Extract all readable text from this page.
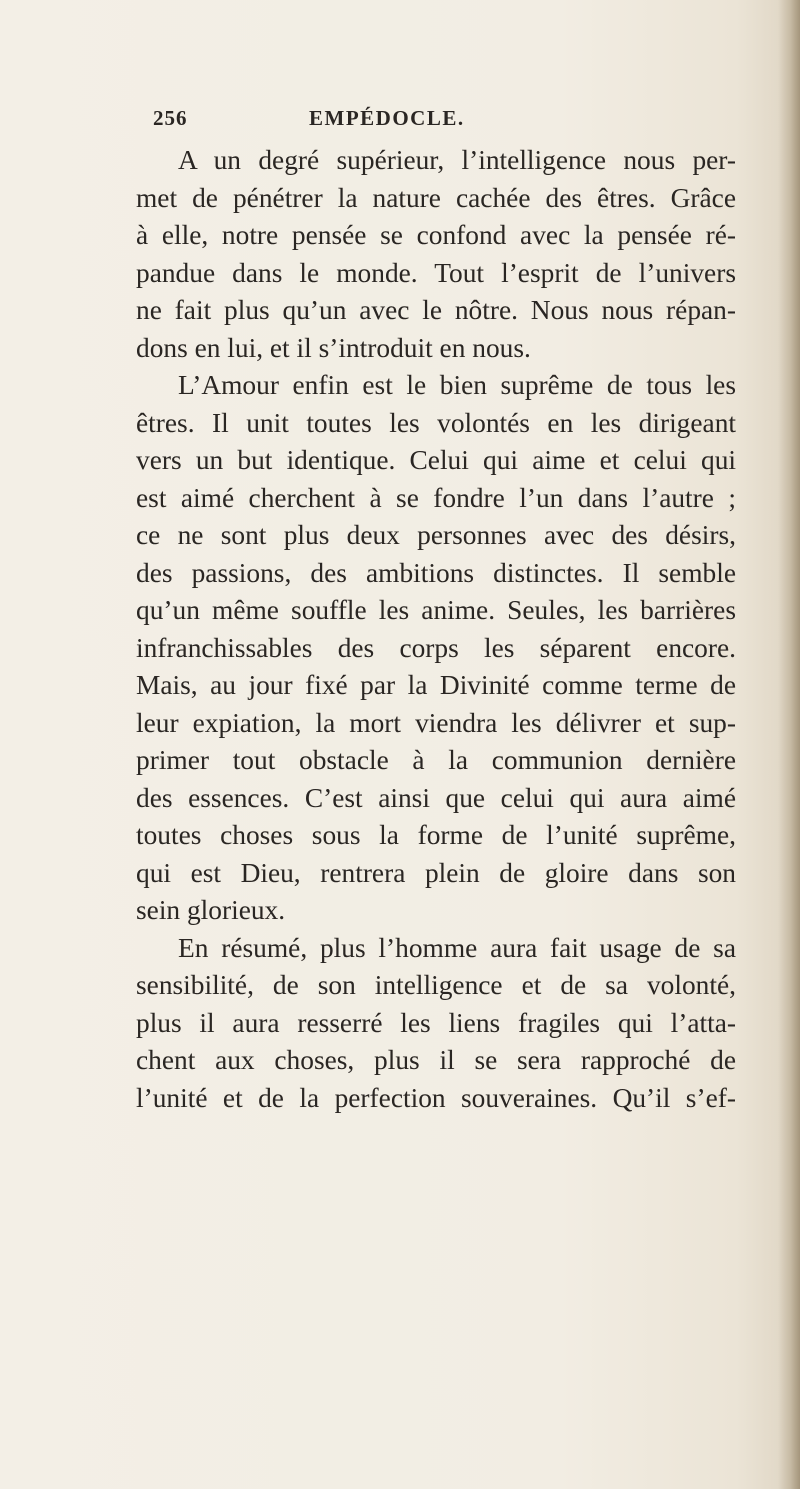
256	EMPÉDOCLE.
A un degré supérieur, l’intelligence nous per-
met de pénétrer la nature cachée des êtres. Grâce
à elle, notre pensée se confond avec la pensée ré-
pandue dans le monde. Tout l’esprit de l’univers
ne fait plus qu’un avec le nôtre. Nous nous répan-
dons en lui, et il s’introduit en nous.
L’Amour enfin est le bien suprême de tous les
êtres. Il unit toutes les volontés en les dirigeant
vers un but identique. Celui qui aime et celui qui
est aimé cherchent à se fondre l’un dans l’autre ;
ce ne sont plus deux personnes avec des désirs,
des passions, des ambitions distinctes. Il semble
qu’un même souffle les anime. Seules, les barrières
infranchissables des corps les séparent encore.
Mais, au jour fixé par la Divinité comme terme de
leur expiation, la mort viendra les délivrer et sup-
primer tout obstacle à la communion dernière
des essences. C’est ainsi que celui qui aura aimé
toutes choses sous la forme de l’unité suprême,
qui est Dieu, rentrera plein de gloire dans son
sein glorieux.
En résumé, plus l’homme aura fait usage de sa
sensibilité, de son intelligence et de sa volonté,
plus il aura resserré les liens fragiles qui l’atta-
chent aux choses, plus il se sera rapproché de
l’unité et de la perfection souveraines. Qu’il s’ef-
